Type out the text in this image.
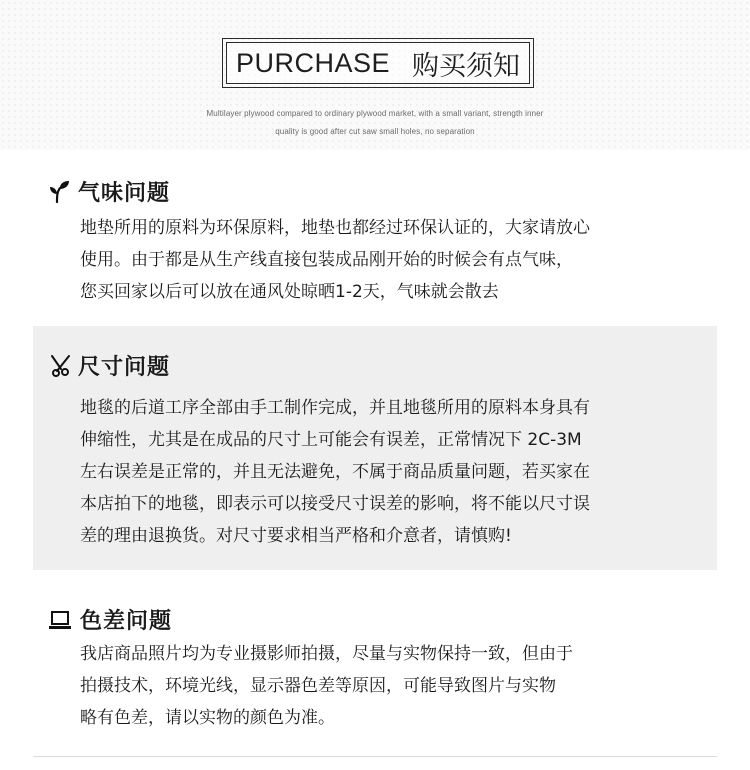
PURCHASE 购买须知
Multilayer plywood compared to ordinary plywood market, with a small variant, strength inner
quality is good after cut saw small holes, no separation
气味问题

地垫所用的原料为环保原料，地垫也都经过环保认证的，大家请放心

使用。由于都是从生产线直接包装成品刚开始的时候会有点气味，

您买回家以后可以放在通风处晾晒1-2天，气味就会散去

尺寸问题

地毯的后道工序全部由手工制作完成，并且地毯所用的原料本身具有

伸缩性，尤其是在成品的尺寸上可能会有误差，正常情况下 2C-3M

左右误差是正常的，并且无法避免，不属于商品质量问题，若买家在

本店拍下的地毯，即表示可以接受尺寸误差的影响，将不能以尺寸误

差的理由退换货。对尺寸要求相当严格和介意者，请慎购!

色差问题

我店商品照片均为专业摄影师拍摄，尽量与实物保持一致，但由于

拍摄技术，环境光线，显示器色差等原因，可能导致图片与实物

略有色差，请以实物的颜色为准。
